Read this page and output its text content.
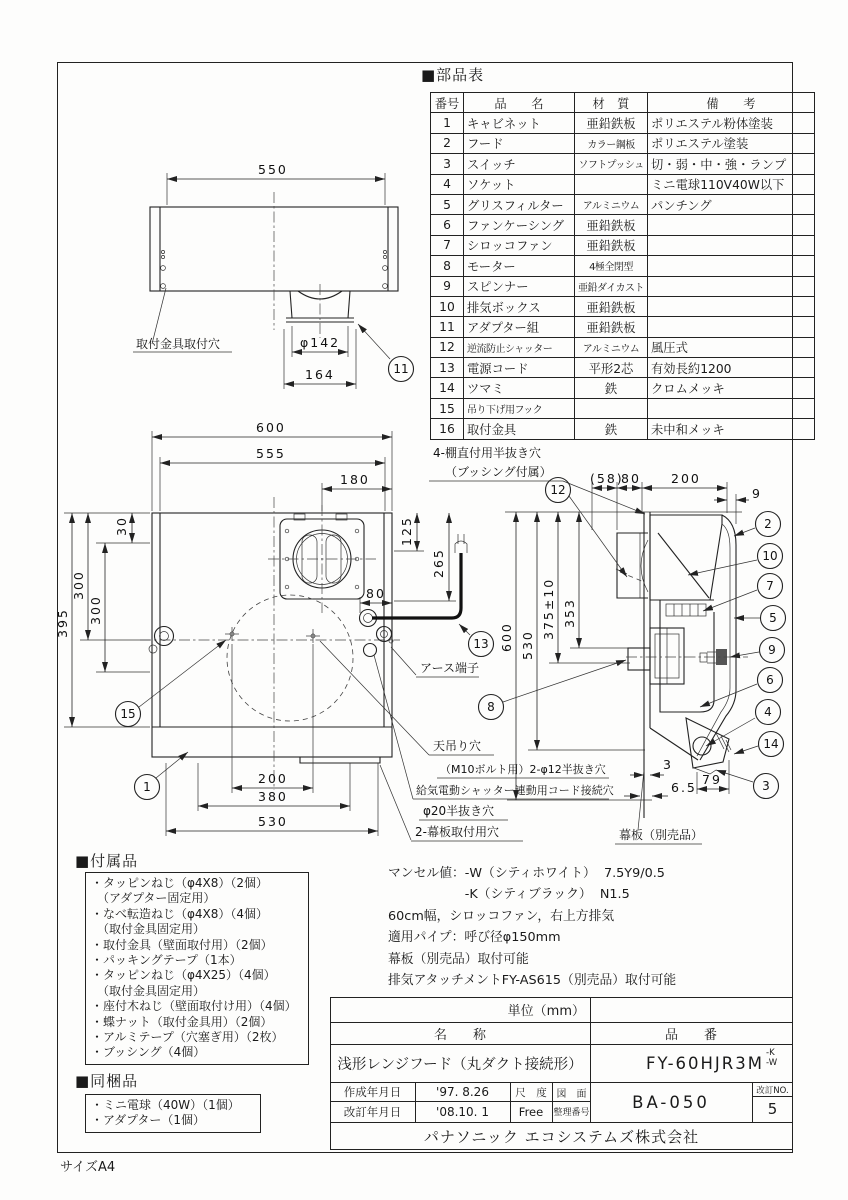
550
取付金具取付穴	φ142
164	11
600
555
180
30
300
300
395
125
265
80
15
1
200
380
530
アース端子
13
8
天吊り穴
（M10ボルト用）2-φ12半抜き穴
給気電動シャッター連動用コード接続穴
φ20半抜き穴
2-幕板取付用穴
4-棚直付用半抜き穴
（ブッシング付属）	(58)
80 200
9
600 530
375±10 353
3
6.5
79
幕板（別売品）
12
2
10
7
5
9
6
4
14
3
■部品表
番号	品　　名	材　質	備　　考
1	キャビネット	亜鉛鉄板	ポリエステル粉体塗装
2	フード	カラー鋼板	ポリエステル塗装
3	スイッチ	ソフトプッシュ	切・弱・中・強・ランプ
4	ソケット		ミニ電球110V40W以下
5	グリスフィルター	アルミニウム	パンチング
6	ファンケーシング	亜鉛鉄板	
7	シロッコファン	亜鉛鉄板	
8	モーター	4極全閉型	
9	スピンナー	亜鉛ダイカスト	
10	排気ボックス	亜鉛鉄板	
11	アダプター組	亜鉛鉄板	
12	逆流防止シャッター	アルミニウム	風圧式
13	電源コード	平形2芯	有効長約1200
14	ツマミ	鉄	クロムメッキ
15	吊り下げ用フック		
16	取付金具	鉄	未中和メッキ
■付属品
・タッピンねじ（φ4X8）（2個）
　（アダプター固定用）
・なべ転造ねじ（φ4X8）（4個）
　（取付金具固定用）
・取付金具（壁面取付用）（2個）
・パッキングテープ（1本）
・タッピンねじ（φ4X25）（4個）
　（取付金具固定用）
・座付木ねじ（壁面取付け用）（4個）
・蝶ナット（取付金具用）（2個）
・アルミテープ（穴塞ぎ用）（2枚）
・ブッシング（4個）
■同梱品
・ミニ電球（40W）（1個）
・アダプター（1個）
マンセル値：-W（シティホワイト）  7.5Y9/0.5
　　　　　　-K（シティブラック）  N1.5
60cm幅，シロッコファン，右上方排気
適用パイプ：呼び径φ150mm
幕板（別売品）取付可能
排気アタッチメントFY-AS615（別売品）取付可能
単位（mm）
名　　称	品　　番
浅形レンジフード（丸ダクト接続形）	FY-60HJR3M
-K
-W
作成年月日	'97. 8.26
改訂年月日	'08.10. 1
尺　度
Free
図　面
整理番号
BA-050
改訂NO.
5
パナソニック エコシステムズ株式会社
サイズA4
